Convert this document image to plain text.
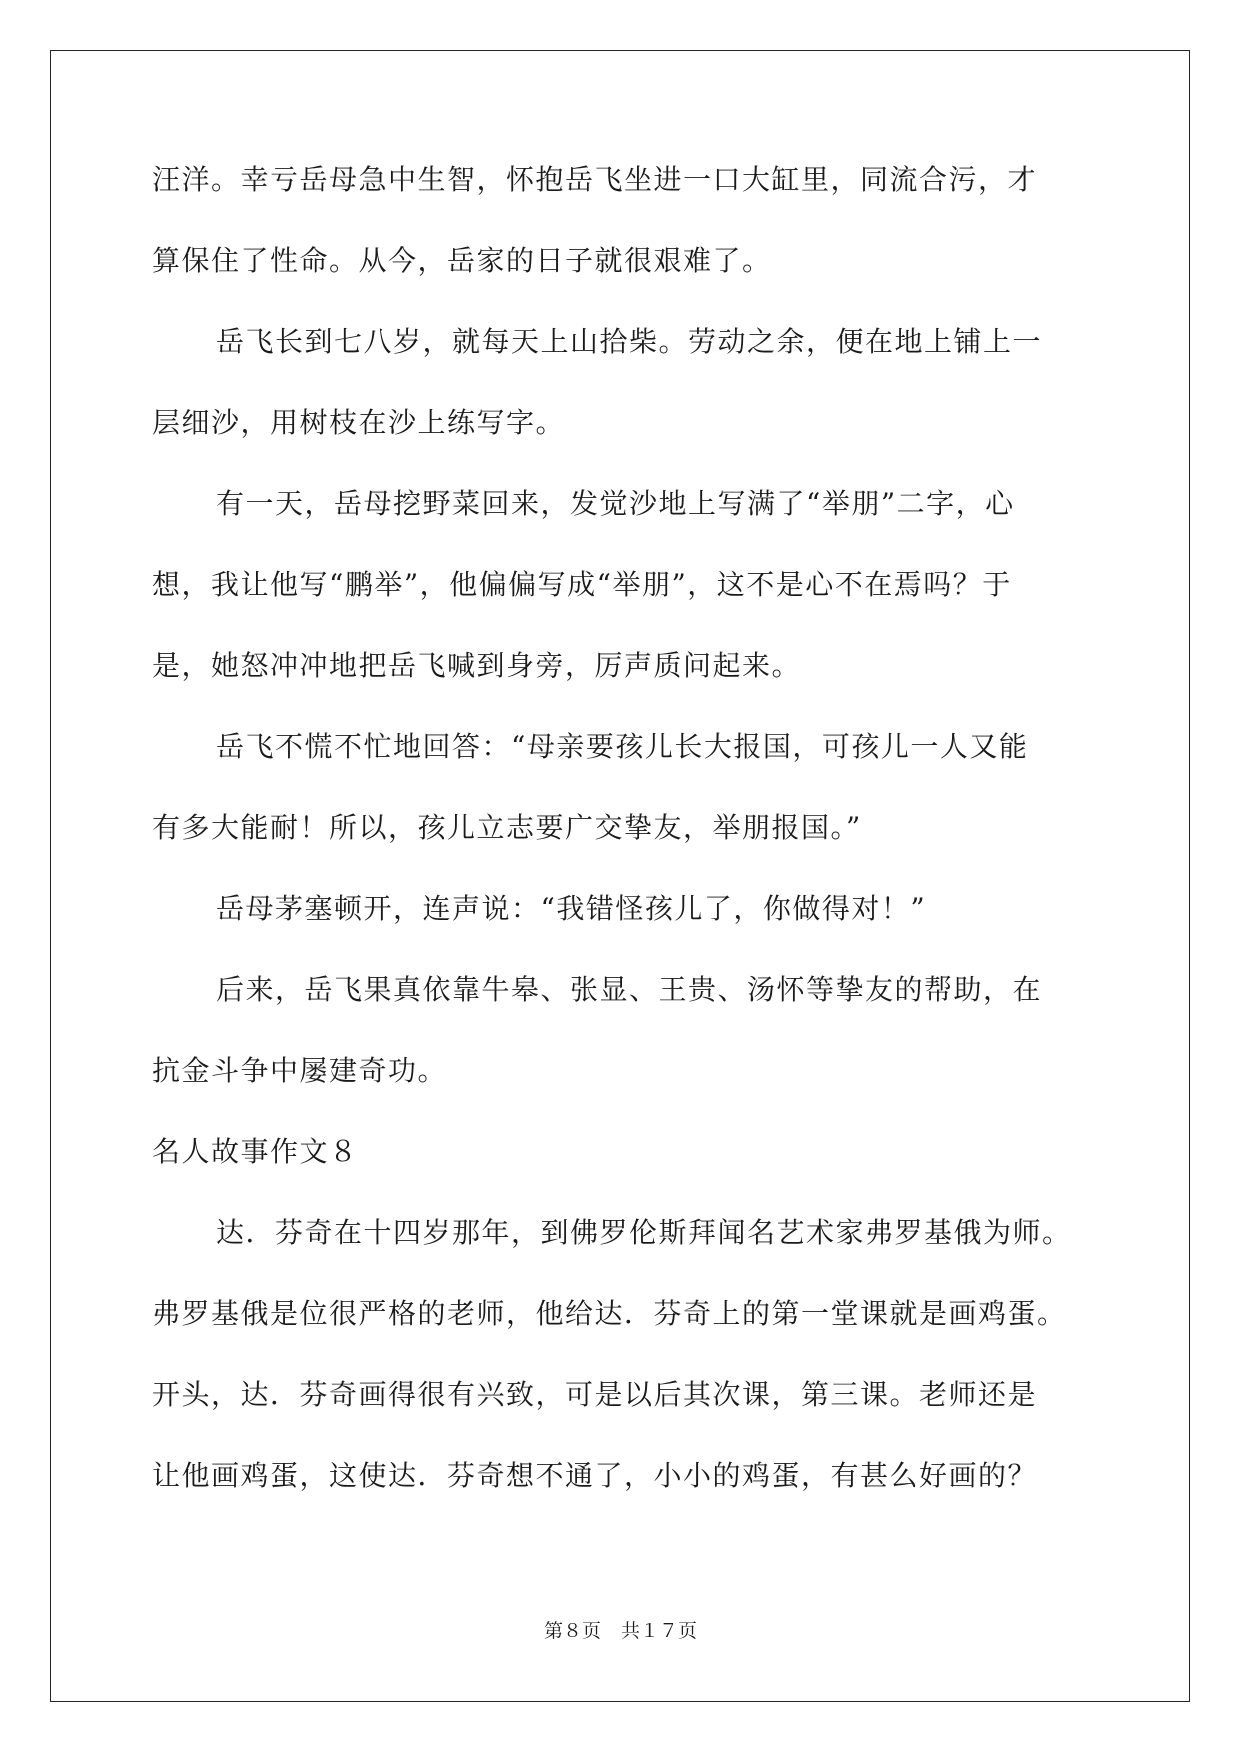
汪洋。幸亏岳母急中生智，怀抱岳飞坐进一口大缸里，同流合污，才
算保住了性命。从今，岳家的日子就很艰难了。
岳飞长到七八岁，就每天上山拾柴。劳动之余，便在地上铺上一
层细沙，用树枝在沙上练写字。
有一天，岳母挖野菜回来，发觉沙地上写满了“举朋”二字，心
想，我让他写“鹏举”，他偏偏写成“举朋”，这不是心不在焉吗？于
是，她怒冲冲地把岳飞喊到身旁，厉声质问起来。
岳飞不慌不忙地回答：“母亲要孩儿长大报国，可孩儿一人又能
有多大能耐！所以，孩儿立志要广交挚友，举朋报国。”
岳母茅塞顿开，连声说：“我错怪孩儿了，你做得对！”
后来，岳飞果真依靠牛皋、张显、王贵、汤怀等挚友的帮助，在
抗金斗争中屡建奇功。
名人故事作文８
达．芬奇在十四岁那年，到佛罗伦斯拜闻名艺术家弗罗基俄为师。
弗罗基俄是位很严格的老师，他给达．芬奇上的第一堂课就是画鸡蛋。
开头，达．芬奇画得很有兴致，可是以后其次课，第三课。老师还是
让他画鸡蛋，这使达．芬奇想不通了，小小的鸡蛋，有甚么好画的？
第８页 共１７页
